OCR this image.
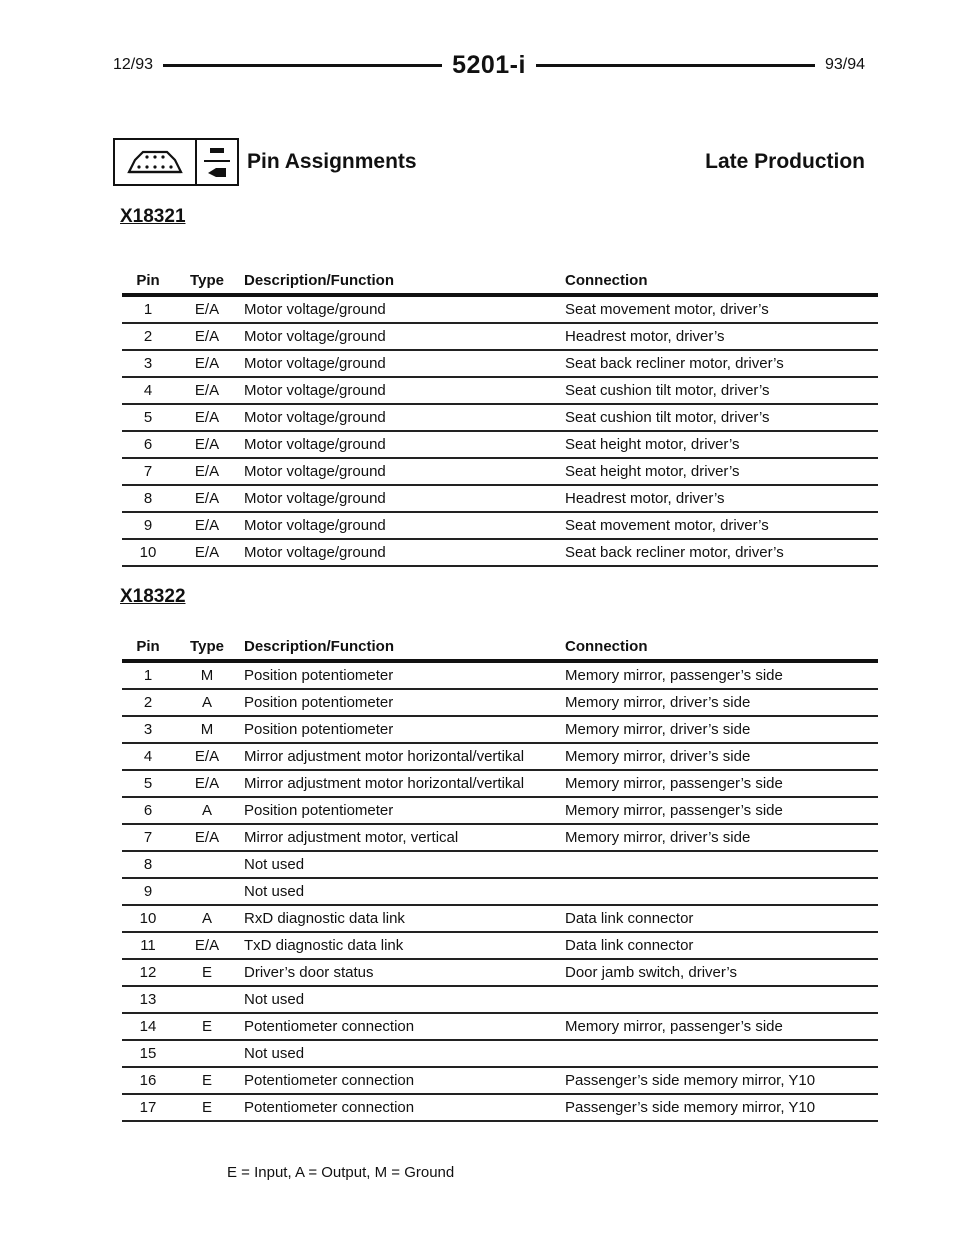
12/93	5201-i	93/94
Pin Assignments	Late Production
X18321
Pin	Type	Description/Function	Connection
1	E/A	Motor voltage/ground	Seat movement motor, driver’s
2	E/A	Motor voltage/ground	Headrest motor, driver’s
3	E/A	Motor voltage/ground	Seat back recliner motor, driver’s
4	E/A	Motor voltage/ground	Seat cushion tilt motor, driver’s
5	E/A	Motor voltage/ground	Seat cushion tilt motor, driver’s
6	E/A	Motor voltage/ground	Seat height motor, driver’s
7	E/A	Motor voltage/ground	Seat height motor, driver’s
8	E/A	Motor voltage/ground	Headrest motor, driver’s
9	E/A	Motor voltage/ground	Seat movement motor, driver’s
10	E/A	Motor voltage/ground	Seat back recliner motor, driver’s
X18322
Pin	Type	Description/Function	Connection
1	M	Position potentiometer	Memory mirror, passenger’s side
2	A	Position potentiometer	Memory mirror, driver’s side
3	M	Position potentiometer	Memory mirror, driver’s side
4	E/A	Mirror adjustment motor horizontal/vertikal	Memory mirror, driver’s side
5	E/A	Mirror adjustment motor horizontal/vertikal	Memory mirror, passenger’s side
6	A	Position potentiometer	Memory mirror, passenger’s side
7	E/A	Mirror adjustment motor, vertical	Memory mirror, driver’s side
8		Not used	
9		Not used	
10	A	RxD diagnostic data link	Data link connector
11	E/A	TxD diagnostic data link	Data link connector
12	E	Driver’s door status	Door jamb switch, driver’s
13		Not used	
14	E	Potentiometer connection	Memory mirror, passenger’s side
15		Not used	
16	E	Potentiometer connection	Passenger’s side memory mirror, Y10
17	E	Potentiometer connection	Passenger’s side memory mirror, Y10
E = Input, A = Output, M = Ground
